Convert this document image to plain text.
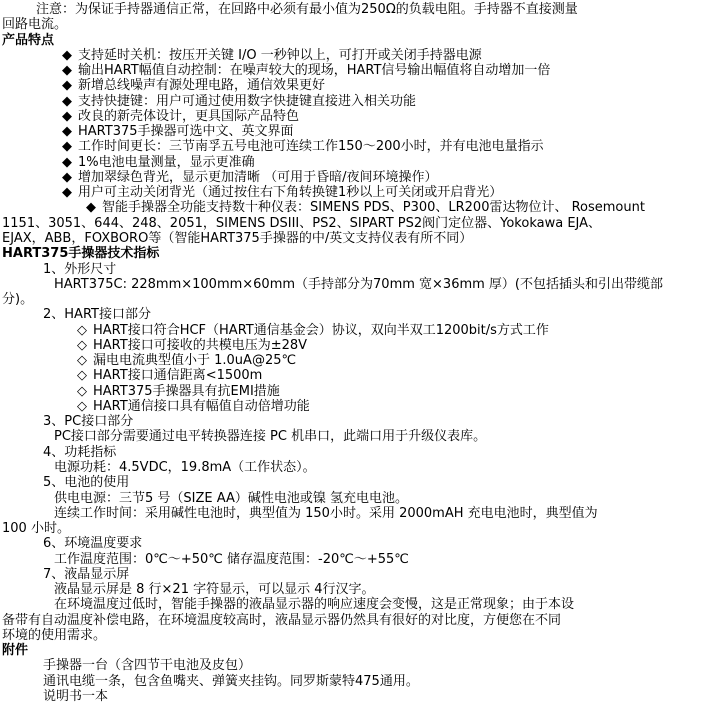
注意：为保证手持器通信正常，在回路中必须有最小值为250Ω的负载电阻。手持器不直接测量
回路电流。
产品特点
◆ 支持延时关机：按压开关键 I/O 一秒钟以上，可打开或关闭手持器电源
◆ 输出HART幅值自动控制：在噪声较大的现场，HART信号输出幅值将自动增加一倍
◆ 新增总线噪声有源处理电路，通信效果更好
◆ 支持快捷键：用户可通过使用数字快捷键直接进入相关功能
◆ 改良的新壳体设计，更具国际产品特色
◆ HART375手操器可选中文、英文界面
◆ 工作时间更长：三节南孚五号电池可连续工作150～200小时，并有电池电量指示
◆ 1%电池电量测量，显示更准确
◆ 增加翠绿色背光，显示更加清晰 （可用于昏暗/夜间环境操作）
◆ 用户可主动关闭背光（通过按住右下角转换键1秒以上可关闭或开启背光）
◆ 智能手操器全功能支持数十种仪表：SIMENS PDS、P300、LR200雷达物位计、 Rosemount
1151、3051、644、248、2051，SIMENS DSIII、PS2、SIPART PS2阀门定位器、Yokokawa EJA、
EJAX，ABB，FOXBORO等（智能HART375手操器的中/英文支持仪表有所不同）
HART375手操器技术指标
1、外形尺寸
HART375C: 228mm×100mm×60mm（手持部分为70mm 宽×36mm 厚）(不包括插头和引出带缆部
分)。
2、HART接口部分
◇ HART接口符合HCF（HART通信基金会）协议，双向半双工1200bit/s方式工作
◇ HART接口可接收的共模电压为±28V
◇ 漏电电流典型值小于 1.0uA@25℃
◇ HART接口通信距离<1500m
◇ HART375手操器具有抗EMI措施
◇ HART通信接口具有幅值自动倍增功能
3、PC接口部分
PC接口部分需要通过电平转换器连接 PC 机串口，此端口用于升级仪表库。
4、功耗指标
电源功耗：4.5VDC，19.8mA（工作状态）。
5、电池的使用
供电电源：三节5 号（SIZE AA）碱性电池或镍 氢充电电池。
连续工作时间：采用碱性电池时，典型值为 150小时。采用 2000mAH 充电电池时，典型值为
100 小时。
6、环境温度要求
工作温度范围：0℃～+50℃ 储存温度范围：-20℃～+55℃
7、液晶显示屏
液晶显示屏是 8 行×21 字符显示，可以显示 4行汉字。
在环境温度过低时，智能手操器的液晶显示器的响应速度会变慢，这是正常现象；由于本设
备带有自动温度补偿电路，在环境温度较高时，液晶显示器仍然具有很好的对比度，方便您在不同
环境的使用需求。
附件
手操器一台（含四节干电池及皮包）
通讯电缆一条，包含鱼嘴夹、弹簧夹挂钩。同罗斯蒙特475通用。
说明书一本
